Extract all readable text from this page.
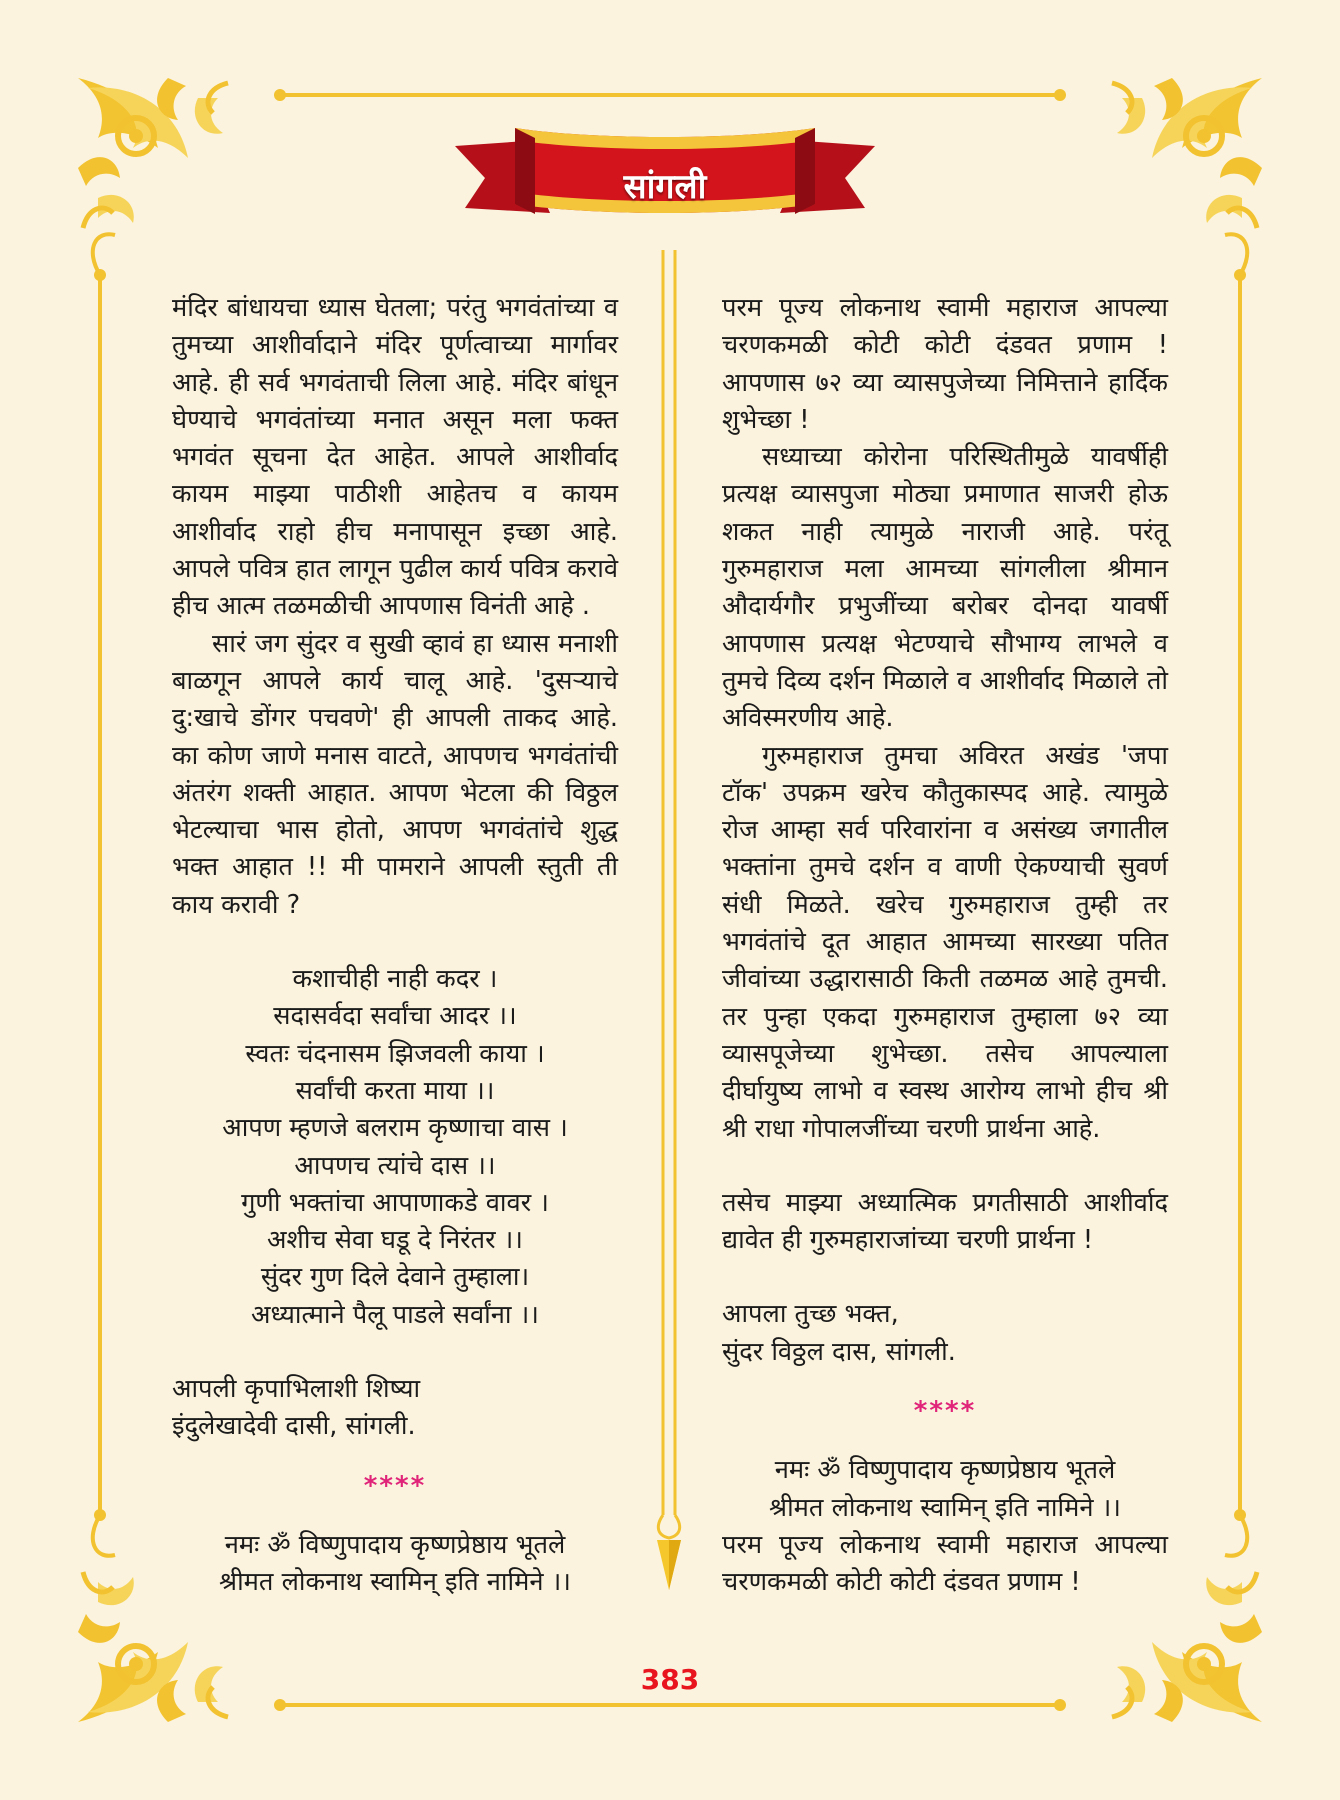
सांगली

मंदिर बांधायचा ध्यास घेतला; परंतु भगवंतांच्या व तुमच्या आशीर्वादाने मंदिर पूर्णत्वाच्या मार्गावर आहे. ही सर्व भगवंताची लिला आहे. मंदिर बांधून घेण्याचे भगवंतांच्या मनात असून मला फक्त भगवंत सूचना देत आहेत. आपले आशीर्वाद कायम माझ्या पाठीशी आहेतच व कायम आशीर्वाद राहो हीच मनापासून इच्छा आहे. आपले पवित्र हात लागून पुढील कार्य पवित्र करावे हीच आत्म तळमळीची आपणास विनंती आहे .

सारं जग सुंदर व सुखी व्हावं हा ध्यास मनाशी बाळगून आपले कार्य चालू आहे. 'दुसऱ्याचे दु:खाचे डोंगर पचवणे' ही आपली ताकद आहे. का कोण जाणे मनास वाटते, आपणच भगवंतांची अंतरंग शक्ती आहात. आपण भेटला की विठ्ठल भेटल्याचा भास होतो, आपण भगवंतांचे शुद्ध भक्त आहात !! मी पामराने आपली स्तुती ती काय करावी ?

कशाचीही नाही कदर ।
सदासर्वदा सर्वांचा आदर ।।
स्वतः चंदनासम झिजवली काया ।
सर्वांची करता माया ।।
आपण म्हणजे बलराम कृष्णाचा वास ।
आपणच त्यांचे दास ।।
गुणी भक्तांचा आपाणाकडे वावर ।
अशीच सेवा घडू दे निरंतर ।।
सुंदर गुण दिले देवाने तुम्हाला।
अध्यात्माने पैलू पाडले सर्वांना ।।
आपली कृपाभिलाशी शिष्या
इंदुलेखादेवी दासी, सांगली.
****
नमः ॐ विष्णुपादाय कृष्णप्रेष्ठाय भूतले
श्रीमत लोकनाथ स्वामिन् इति नामिने ।।

परम पूज्य लोकनाथ स्वामी महाराज आपल्या चरणकमळी कोटी कोटी दंडवत प्रणाम ! आपणास ७२ व्या व्यासपुजेच्या निमित्ताने हार्दिक शुभेच्छा !

सध्याच्या कोरोना परिस्थितीमुळे यावर्षीही प्रत्यक्ष व्यासपुजा मोठ्या प्रमाणात साजरी होऊ शकत नाही त्यामुळे नाराजी आहे. परंतू गुरुमहाराज मला आमच्या सांगलीला श्रीमान औदार्यगौर प्रभुजींच्या बरोबर दोनदा यावर्षी आपणास प्रत्यक्ष भेटण्याचे सौभाग्य लाभले व तुमचे दिव्य दर्शन मिळाले व आशीर्वाद मिळाले तो अविस्मरणीय आहे.

गुरुमहाराज तुमचा अविरत अखंड 'जपा टॉक' उपक्रम खरेच कौतुकास्पद आहे. त्यामुळे रोज आम्हा सर्व परिवारांना व असंख्य जगातील भक्तांना तुमचे दर्शन व वाणी ऐकण्याची सुवर्ण संधी मिळते. खरेच गुरुमहाराज तुम्ही तर भगवंतांचे दूत आहात आमच्या सारख्या पतित जीवांच्या उद्धारासाठी किती तळमळ आहे तुमची. तर पुन्हा एकदा गुरुमहाराज तुम्हाला ७२ व्या व्यासपूजेच्या शुभेच्छा. तसेच आपल्याला दीर्घायुष्य लाभो व स्वस्थ आरोग्य लाभो हीच श्री श्री राधा गोपालजींच्या चरणी प्रार्थना आहे.

तसेच माझ्या अध्यात्मिक प्रगतीसाठी आशीर्वाद द्यावेत ही गुरुमहाराजांच्या चरणी प्रार्थना !

आपला तुच्छ भक्त,
सुंदर विठ्ठल दास, सांगली.
****
नमः ॐ विष्णुपादाय कृष्णप्रेष्ठाय भूतले
श्रीमत लोकनाथ स्वामिन् इति नामिने ।।

परम पूज्य लोकनाथ स्वामी महाराज आपल्या चरणकमळी कोटी कोटी दंडवत प्रणाम !

383
